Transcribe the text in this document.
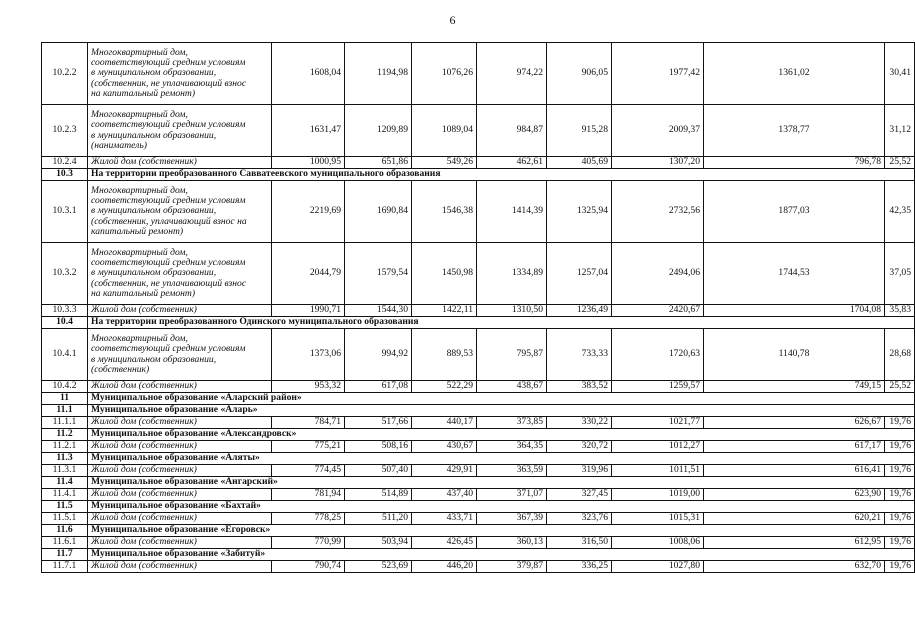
6
10.2.2	Многоквартирный дом,
соответствующий средним условиям
в муниципальном образовании,
(собственник, не уплачивающий взнос
на капитальный ремонт)	1608,04	1194,98	1076,26	974,22	906,05	1977,42	1361,02	30,41
10.2.3	Многоквартирный дом,
соответствующий средним условиям
в муниципальном образовании,
(наниматель)	1631,47	1209,89	1089,04	984,87	915,28	2009,37	1378,77	31,12
10.2.4	Жилой дом (собственник)	1000,95	651,86	549,26	462,61	405,69	1307,20	796,78	25,52
10.3	На территории преобразованного Савватеевского муниципального образования								
10.3.1	Многоквартирный дом,
соответствующий средним условиям
в муниципальном образовании,
(собственник, уплачивающий взнос на
капитальный ремонт)	2219,69	1690,84	1546,38	1414,39	1325,94	2732,56	1877,03	42,35
10.3.2	Многоквартирный дом,
соответствующий средним условиям
в муниципальном образовании,
(собственник, не уплачивающий взнос
на капитальный ремонт)	2044,79	1579,54	1450,98	1334,89	1257,04	2494,06	1744,53	37,05
10.3.3	Жилой дом (собственник)	1990,71	1544,30	1422,11	1310,50	1236,49	2420,67	1704,08	35,83
10.4	На территории преобразованного Одинского муниципального образования								
10.4.1	Многоквартирный дом,
соответствующий средним условиям
в муниципальном образовании,
(собственник)	1373,06	994,92	889,53	795,87	733,33	1720,63	1140,78	28,68
10.4.2	Жилой дом (собственник)	953,32	617,08	522,29	438,67	383,52	1259,57	749,15	25,52
11	Муниципальное образование «Аларский район»								
11.1	Муниципальное образование «Аларь»								
11.1.1	Жилой дом (собственник)	784,71	517,66	440,17	373,85	330,22	1021,77	626,67	19,76
11.2	Муниципальное образование «Александровск»								
11.2.1	Жилой дом (собственник)	775,21	508,16	430,67	364,35	320,72	1012,27	617,17	19,76
11.3	Муниципальное образование «Аляты»								
11.3.1	Жилой дом (собственник)	774,45	507,40	429,91	363,59	319,96	1011,51	616,41	19,76
11.4	Муниципальное образование «Ангарский»								
11.4.1	Жилой дом (собственник)	781,94	514,89	437,40	371,07	327,45	1019,00	623,90	19,76
11.5	Муниципальное образование «Бахтай»								
11.5.1	Жилой дом (собственник)	778,25	511,20	433,71	367,39	323,76	1015,31	620,21	19,76
11.6	Муниципальное образование «Егоровск»								
11.6.1	Жилой дом (собственник)	770,99	503,94	426,45	360,13	316,50	1008,06	612,95	19,76
11.7	Муниципальное образование «Забитуй»								
11.7.1	Жилой дом (собственник)	790,74	523,69	446,20	379,87	336,25	1027,80	632,70	19,76
